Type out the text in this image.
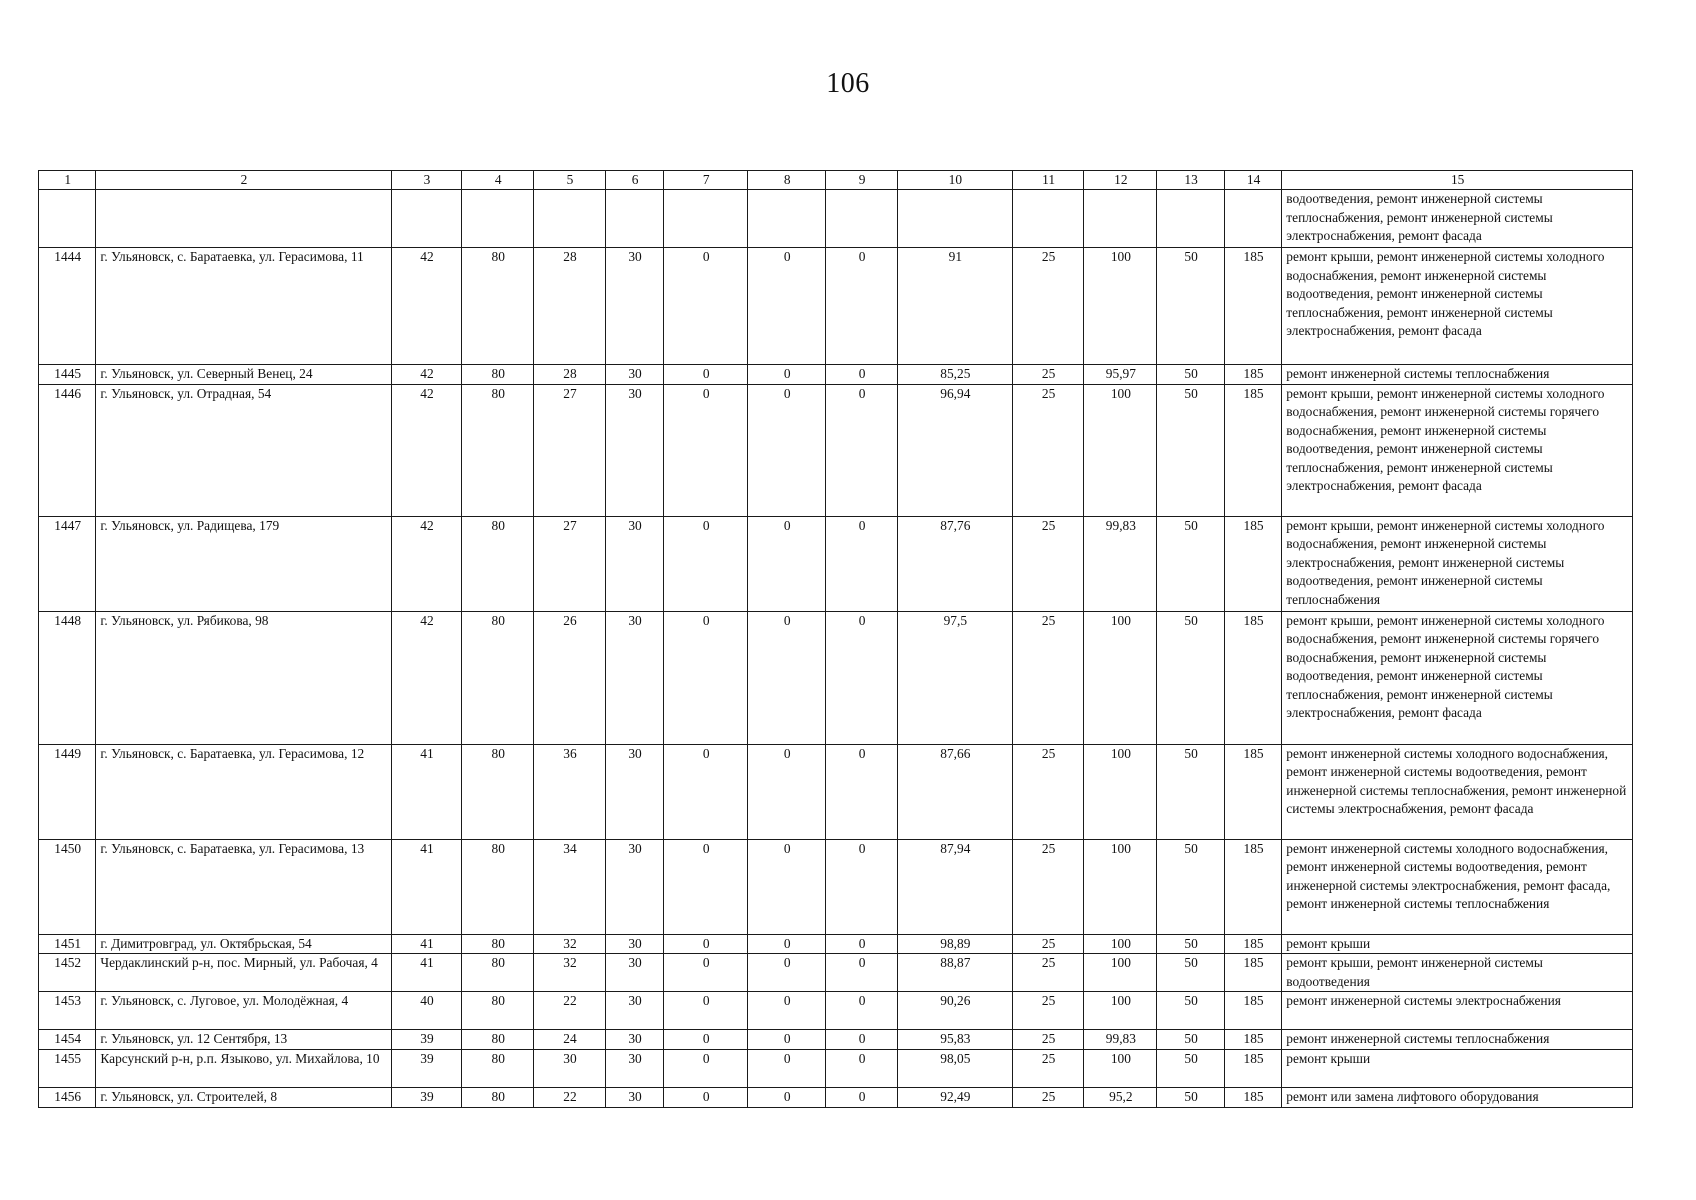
106
1	2	3	4	5	6	7	8	9	10	11	12	13	14	15
														водоотведения, ремонт инженерной системы теплоснабжения, ремонт инженерной системы электроснабжения, ремонт фасада
1444	г. Ульяновск, с. Баратаевка, ул. Герасимова, 11	42	80	28	30	0	0	0	91	25	100	50	185	ремонт крыши, ремонт инженерной системы холодного водоснабжения, ремонт инженерной системы водоотведения, ремонт инженерной системы теплоснабжения, ремонт инженерной системы электроснабжения, ремонт фасада
1445	г. Ульяновск, ул. Северный Венец, 24	42	80	28	30	0	0	0	85,25	25	95,97	50	185	ремонт инженерной системы теплоснабжения
1446	г. Ульяновск, ул. Отрадная, 54	42	80	27	30	0	0	0	96,94	25	100	50	185	ремонт крыши, ремонт инженерной системы холодного водоснабжения, ремонт инженерной системы горячего водоснабжения, ремонт инженерной системы водоотведения, ремонт инженерной системы теплоснабжения, ремонт инженерной системы электроснабжения, ремонт фасада
1447	г. Ульяновск, ул. Радищева, 179	42	80	27	30	0	0	0	87,76	25	99,83	50	185	ремонт крыши, ремонт инженерной системы холодного водоснабжения, ремонт инженерной системы электроснабжения, ремонт инженерной системы водоотведения, ремонт инженерной системы теплоснабжения
1448	г. Ульяновск, ул. Рябикова, 98	42	80	26	30	0	0	0	97,5	25	100	50	185	ремонт крыши, ремонт инженерной системы холодного водоснабжения, ремонт инженерной системы горячего водоснабжения, ремонт инженерной системы водоотведения, ремонт инженерной системы теплоснабжения, ремонт инженерной системы электроснабжения, ремонт фасада
1449	г. Ульяновск, с. Баратаевка, ул. Герасимова, 12	41	80	36	30	0	0	0	87,66	25	100	50	185	ремонт инженерной системы холодного водоснабжения, ремонт инженерной системы водоотведения, ремонт инженерной системы теплоснабжения, ремонт инженерной системы электроснабжения, ремонт фасада
1450	г. Ульяновск, с. Баратаевка, ул. Герасимова, 13	41	80	34	30	0	0	0	87,94	25	100	50	185	ремонт инженерной системы холодного водоснабжения, ремонт инженерной системы водоотведения, ремонт инженерной системы электроснабжения, ремонт фасада, ремонт инженерной системы теплоснабжения
1451	г. Димитровград, ул. Октябрьская, 54	41	80	32	30	0	0	0	98,89	25	100	50	185	ремонт крыши
1452	Чердаклинский р-н, пос. Мирный, ул. Рабочая, 4	41	80	32	30	0	0	0	88,87	25	100	50	185	ремонт крыши, ремонт инженерной системы водоотведения
1453	г. Ульяновск, с. Луговое, ул. Молодёжная, 4	40	80	22	30	0	0	0	90,26	25	100	50	185	ремонт инженерной системы электроснабжения
1454	г. Ульяновск, ул. 12 Сентября, 13	39	80	24	30	0	0	0	95,83	25	99,83	50	185	ремонт инженерной системы теплоснабжения
1455	Карсунский р-н, р.п. Языково, ул. Михайлова, 10	39	80	30	30	0	0	0	98,05	25	100	50	185	ремонт крыши
1456	г. Ульяновск, ул. Строителей, 8	39	80	22	30	0	0	0	92,49	25	95,2	50	185	ремонт или замена лифтового оборудования
